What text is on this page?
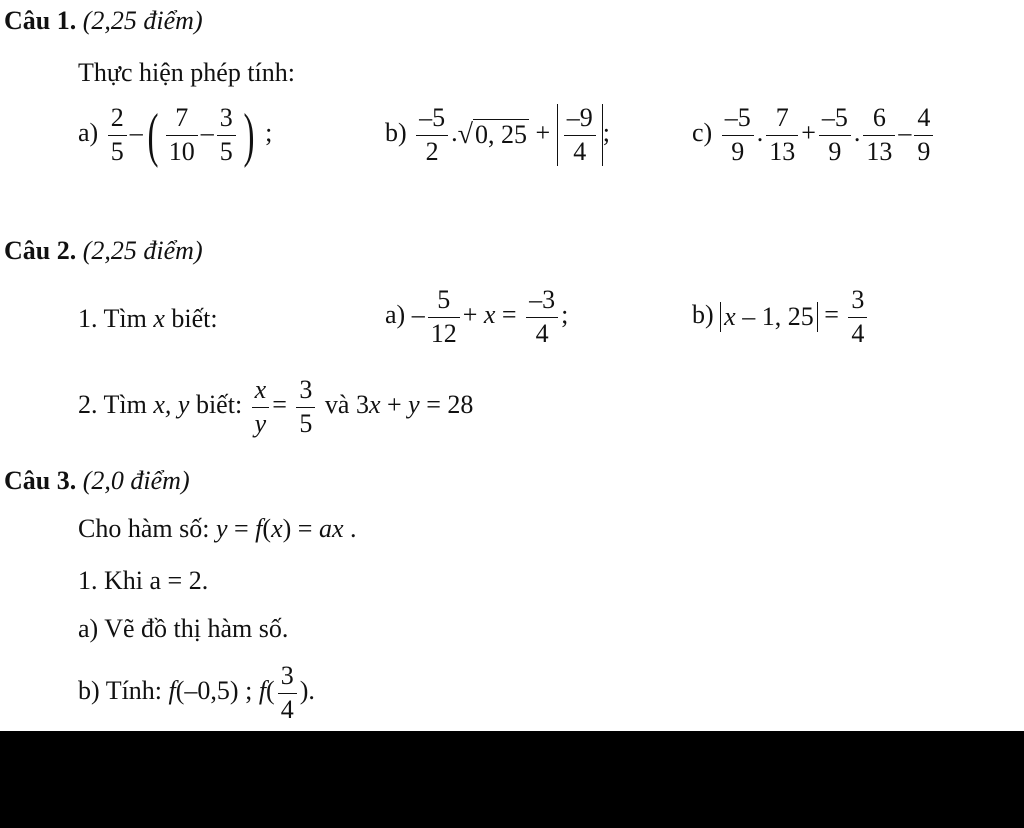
Câu 1. (2,25 điểm)
Thực hiện phép tính:
$a) \frac{2}{5}$ –( $\frac{7}{10} - \frac{3}{5}$ ) ;	$b) \frac{-5}{2} .√0$, $25 + \frac{-9}{4}$ ;	$c) \frac{-5}{9}$ . $\frac{7}{13} + \frac{-5}{9}$ . $\frac{6}{13} - \frac{4}{9}$
Câu 2. (2,25 điểm)
1. Tìm x biết:	$a) - \frac{5}{12} + x = \frac{-3}{4}$ ;	b) x – 1, $25 = \frac{3}{4}$
2. Tìm x, y biết: $\frac{x}{y} = \frac{3}{5}$ và 3x + y = 28
Câu 3. (2,0 điểm)
Cho hàm số: y = f(x) = ax .
1. Khi a = 2.
a) Vẽ đồ thị hàm số.
b) Tính: f(–0,5) ; $f( \frac{3}{4}$ ).
